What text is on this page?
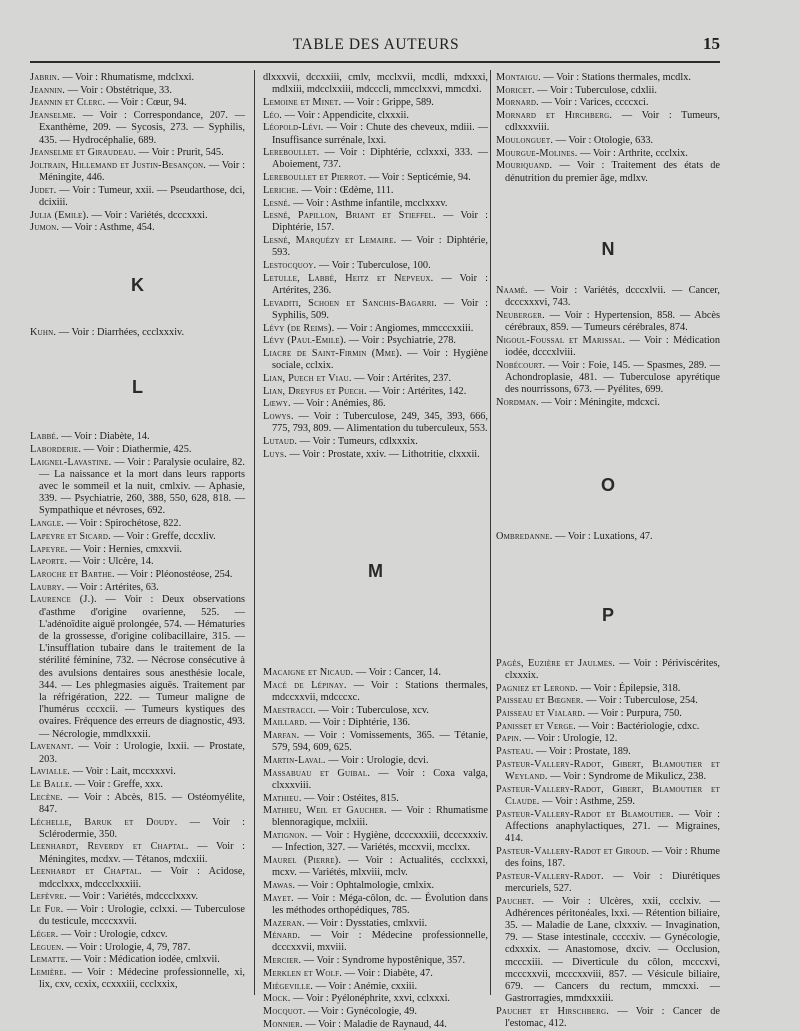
TABLE DES AUTEURS	15
Jabrin. — Voir : Rhumatisme, mdclxxi.
Jeannin. — Voir : Obstétrique, 33.
Jeannin et Clerc. — Voir : Cœur, 94.
Jeanselme. — Voir : Correspondance, 207. — Exanthème, 209. — Sycosis, 273. — Syphilis, 435. — Hydrocéphalie, 689.
Jeanselme et Giraudeau. — Voir : Prurit, 545.
Joltrain, Hillemand et Justin-Besançon. — Voir : Méningite, 446.
Judet. — Voir : Tumeur, xxii. — Pseudarthose, dci, dcixiii.
Julia (Emile). — Voir : Variétés, dcccxxxi.
Jumon. — Voir : Asthme, 454.
K
Kuhn. — Voir : Diarrhées, ccclxxxiv.
L
Labbé. — Voir : Diabète, 14.
Laborderie. — Voir : Diathermie, 425.
Laignel-Lavastine. — Voir : Paralysie oculaire, 82. — La naissance et la mort dans leurs rapports avec le sommeil et la nuit, cmlxiv. — Aphasie, 339. — Psychiatrie, 260, 388, 550, 628, 818. — Sympathique et névroses, 692.
Langle. — Voir : Spirochétose, 822.
Lapeyre et Sicard. — Voir : Greffe, dccxliv.
Lapeyre. — Voir : Hernies, cmxxvii.
Laporte. — Voir : Ulcère, 14.
Laroche et Barthe. — Voir : Pléonostéose, 254.
Laubry. — Voir : Artérites, 63.
Laurence (J.). — Voir : Deux observations d'asthme d'origine ovarienne, 525. — L'adénoïdite aiguë prolongée, 574. — Hématuries de la grossesse, d'origine colibacillaire, 315. — L'insufflation tubaire dans le traitement de la stérilité féminine, 732. — Nécrose consécutive à des avulsions dentaires sous anesthésie locale, 344. — Les phlegmasies aiguës. Traitement par la réfrigération, 222. — Tumeur maligne de l'humérus cccxcii. — Tumeurs kystiques des ovaires. Fréquence des erreurs de diagnostic, 493. — Nécrologie, mmdlxxxii.
Lavenant. — Voir : Urologie, lxxii. — Prostate, 203.
Lavialle. — Voir : Lait, mccxxxvi.
Le Balle. — Voir : Greffe, xxx.
Lecène. — Voir : Abcès, 815. — Ostéomyélite, 847.
Léchelle, Baruk et Doudy. — Voir : Sclérodermie, 350.
Leenhardt, Reverdy et Chaptal. — Voir : Méningites, mcdxv. — Tétanos, mdcxiii.
Leenhardt et Chaptal. — Voir : Acidose, mdcclxxx, mdccclxxxiii.
Lefèvre. — Voir : Variétés, mdccclxxxv.
Le Fur. — Voir : Urologie, cclxxi. — Tuberculose du testicule, mcccxxvii.
Léger. — Voir : Urologie, cdxcv.
Leguen. — Voir : Urologie, 4, 79, 787.
Lematte. — Voir : Médication iodée, cmlxvii.
Lemière. — Voir : Médecine professionnelle, xi, lix, cxv, ccxix, ccxxxiii, ccclxxix,
dlxxxvii, dccxxiii, cmlv, mcclxvii, mcdli, mdxxxi, mdlxiii, mdcclxxiii, mdcccli, mmcclxxvi, mmcdxi.
Lemoine et Minet. — Voir : Grippe, 589.
Léo. — Voir : Appendicite, clxxxii.
Léopold-Lévi. — Voir : Chute des cheveux, mdiii. — Insuffisance surrénale, lxxi.
Lereboullet. — Voir : Diphtérie, cclxxxi, 333. — Aboiement, 737.
Lereboullet et Pierrot. — Voir : Septicémie, 94.
Leriche. — Voir : Œdème, 111.
Lesné. — Voir : Asthme infantile, mcclxxxv.
Lesné, Papillon, Briant et Stieffel. — Voir : Diphtérie, 157.
Lesné, Marquézy et Lemaire. — Voir : Diphtérie, 593.
Lestocquoy. — Voir : Tuberculose, 100.
Letulle, Labbé, Heitz et Nepveux. — Voir : Artérites, 236.
Levaditi, Schoen et Sanchis-Bagarri. — Voir : Syphilis, 509.
Lévy (de Reims). — Voir : Angiomes, mmcccxxiii.
Lévy (Paul-Emile). — Voir : Psychiatrie, 278.
Liacre de Saint-Firmin (Mme). — Voir : Hygiène sociale, cclxix.
Lian, Puech et Viau. — Voir : Artérites, 237.
Lian, Dreyfus et Puech. — Voir : Artérites, 142.
Lœwy. — Voir : Anémies, 86.
Lowys. — Voir : Tuberculose, 249, 345, 393, 666, 775, 793, 809. — Alimentation du tuberculeux, 553.
Lutaud. — Voir : Tumeurs, cdlxxxix.
Luys. — Voir : Prostate, xxiv. — Lithotritie, clxxxii.
M
Macaigne et Nicaud. — Voir : Cancer, 14.
Macé de Lépinay. — Voir : Stations thermales, mdccxxvii, mdcccxc.
Maestracci. — Voir : Tuberculose, xcv.
Maillard. — Voir : Diphtérie, 136.
Marfan. — Voir : Vomissements, 365. — Tétanie, 579, 594, 609, 625.
Martin-Laval. — Voir : Urologie, dcvi.
Massabuau et Guibal. — Voir : Coxa valga, clxxxviii.
Mathieu. — Voir : Ostéites, 815.
Mathieu, Weil et Gaucher. — Voir : Rhumatisme blennoragique, mclxiii.
Matignon. — Voir : Hygiène, dcccxxxiii, dcccxxxiv. — Infection, 327. — Variétés, mccxvii, mcclxx.
Maurel (Pierre). — Voir : Actualités, ccclxxxi, mcxv. — Variétés, mlxviii, mclv.
Mawas. — Voir : Ophtalmologie, cmlxix.
Mayet. — Voir : Méga-côlon, dc. — Évolution dans les méthodes orthopédiques, 785.
Mazeran. — Voir : Dysstaties, cmlxvii.
Ménard. — Voir : Médecine professionnelle, dcccxxvii, mxviii.
Mercier. — Voir : Syndrome hypostênique, 357.
Merklen et Wolf. — Voir : Diabète, 47.
Miégeville. — Voir : Anémie, cxxiii.
Mock. — Voir : Pyélonéphrite, xxvi, cclxxxi.
Mocquot. — Voir : Gynécologie, 49.
Monnier. — Voir : Maladie de Raynaud, 44.
Montaigu. — Voir : Stations thermales, mcdlx.
Moricet. — Voir : Tuberculose, cdxlii.
Mornard. — Voir : Varices, ccccxci.
Mornard et Hirchberg. — Voir : Tumeurs, cdlxxxviii.
Moulonguet. — Voir : Otologie, 633.
Mourgue-Molines. — Voir : Arthrite, ccclxix.
Mouriquand. — Voir : Traitement des états de dénutrition du premier âge, mdlxv.
N
Naamé. — Voir : Variétés, dcccxlvii. — Cancer, dcccxxxvi, 743.
Neuberger. — Voir : Hypertension, 858. — Abcès cérébraux, 859. — Tumeurs cérébrales, 874.
Nigoul-Foussal et Marissal. — Voir : Médication iodée, dcccxlviii.
Nobécourt. — Voir : Foie, 145. — Spasmes, 289. — Achondroplasie, 481. — Tuberculose apyrétique des nourrissons, 673. — Pyélites, 699.
Nordman. — Voir : Méningite, mdcxci.
O
Ombredanne. — Voir : Luxations, 47.
P
Pagès, Euzière et Jaulmes. — Voir : Périviscérites, clxxxix.
Pagniez et Lerond. — Voir : Épilepsie, 318.
Paisseau et Bœgner. — Voir : Tuberculose, 254.
Paisseau et Vialard. — Voir : Purpura, 750.
Panisset et Verge. — Voir : Bactériologie, cdxc.
Papin. — Voir : Urologie, 12.
Pasteau. — Voir : Prostate, 189.
Pasteur-Vallery-Radot, Gibert, Blamoutier et Weyland. — Voir : Syndrome de Mikulicz, 238.
Pasteur-Vallery-Radot, Gibert, Blamoutier et Claude. — Voir : Asthme, 259.
Pasteur-Vallery-Radot et Blamoutier. — Voir : Affections anaphylactiques, 271. — Migraines, 414.
Pasteur-Vallery-Radot et Giroud. — Voir : Rhume des foins, 187.
Pasteur-Vallery-Radot. — Voir : Diurétiques mercuriels, 527.
Pauchet. — Voir : Ulcères, xxii, ccclxiv. — Adhérences péritonéales, lxxi. — Rétention biliaire, 35. — Maladie de Lane, clxxxiv. — Invagination, 79. — Stase intestinale, ccccxiv. — Gynécologie, cdxxxix. — Anastomose, dxciv. — Occlusion, mcccxiii. — Diverticule du côlon, mcccxvi, mcccxxvii, mcccxxviii, 857. — Vésicule biliaire, 679. — Cancers du rectum, mmcxxi. — Gastrorragies, mmdxxxiii.
Pauchet et Hirschberg. — Voir : Cancer de l'estomac, 412.
